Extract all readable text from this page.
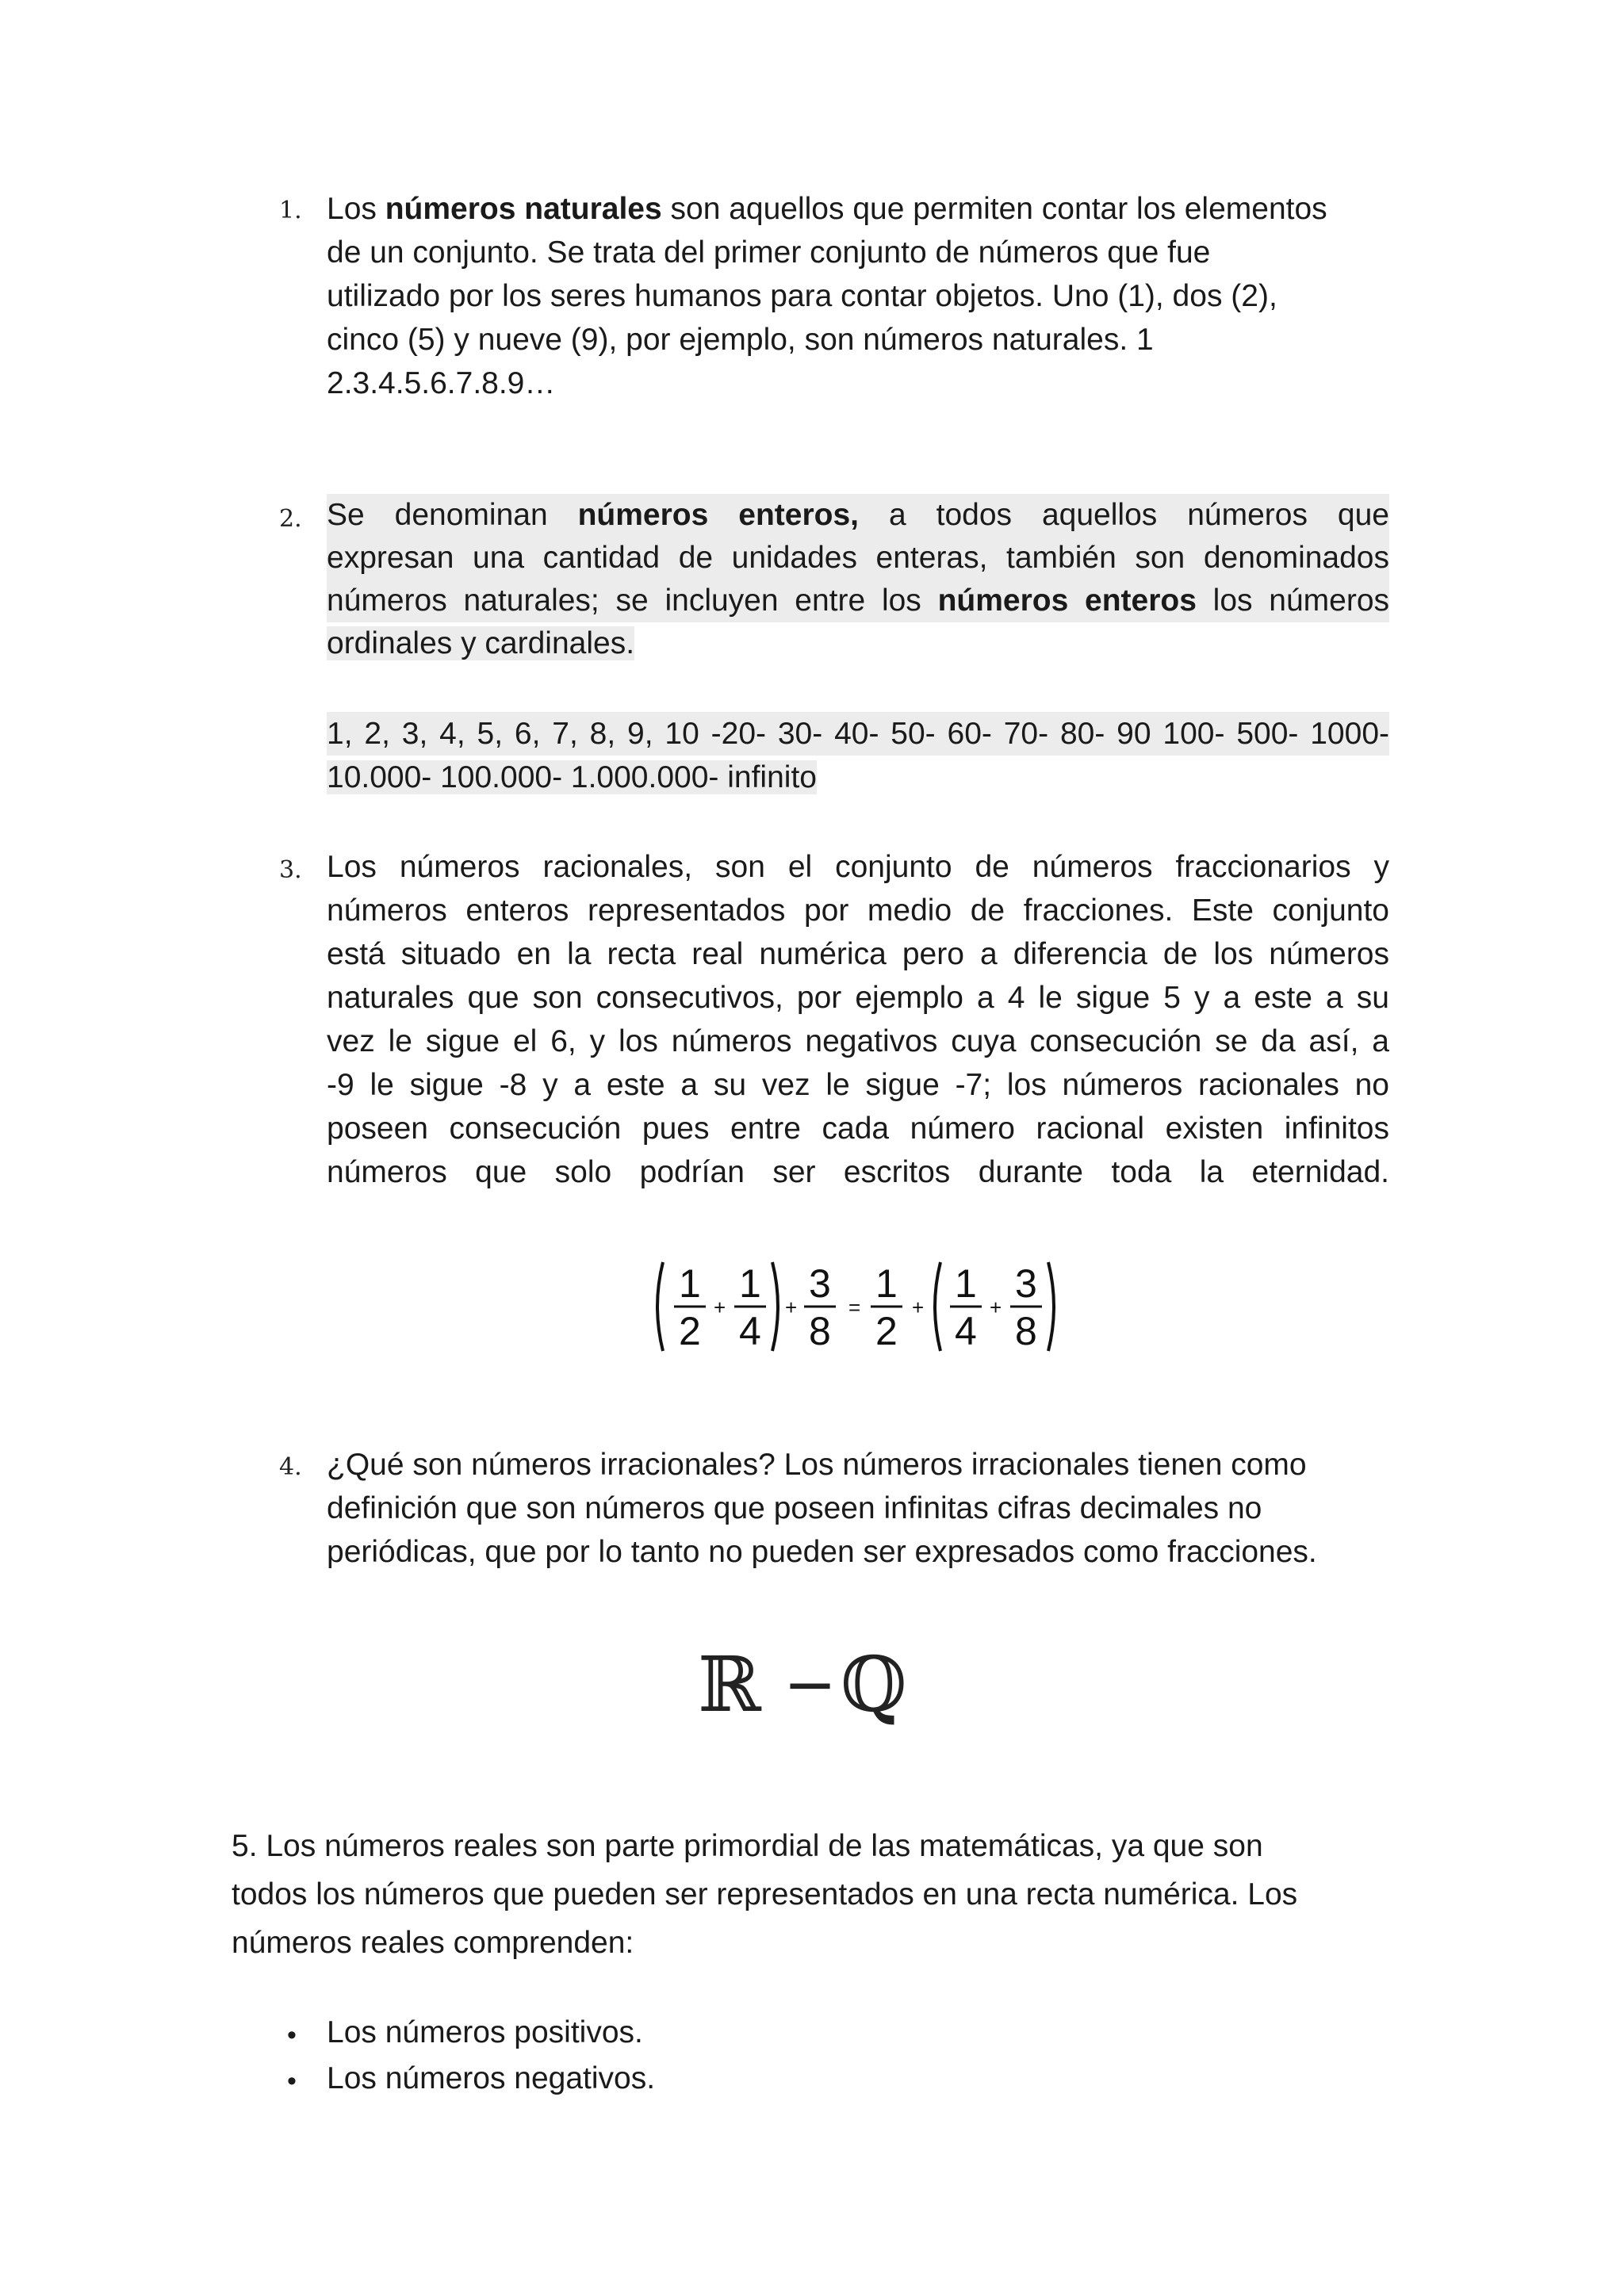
1. Los números naturales son aquellos que permiten contar los elementos
de un conjunto. Se trata del primer conjunto de números que fue
utilizado por los seres humanos para contar objetos. Uno (1), dos (2),
cinco (5) y nueve (9), por ejemplo, son números naturales. 1
2.3.4.5.6.7.8.9…
2. Se denominan números enteros, a todos aquellos números que
expresan una cantidad de unidades enteras, también son denominados
números naturales; se incluyen entre los números enteros los números
ordinales y cardinales.
1, 2, 3, 4, 5, 6, 7, 8, 9, 10 -20- 30- 40- 50- 60- 70- 80- 90 100- 500- 1000-
10.000- 100.000- 1.000.000- infinito
3. Los números racionales, son el conjunto de números fraccionarios y
números enteros representados por medio de fracciones. Este conjunto
está situado en la recta real numérica pero a diferencia de los números
naturales que son consecutivos, por ejemplo a 4 le sigue 5 y a este a su
vez le sigue el 6, y los números negativos cuya consecución se da así, a
-9 le sigue -8 y a este a su vez le sigue -7; los números racionales no
poseen consecución pues entre cada número racional existen infinitos
números que solo podrían ser escritos durante toda la eternidad.
1
2
+
1
4
+
3
8
=
1
2
+
1
4
+
3
8
4. ¿Qué son números irracionales? Los números irracionales tienen como
definición que son números que poseen infinitas cifras decimales no
periódicas, que por lo tanto no pueden ser expresados como fracciones.
ℝ − ℚ
5. Los números reales son parte primordial de las matemáticas, ya que son
todos los números que pueden ser representados en una recta numérica. Los
números reales comprenden:
• Los números positivos.
• Los números negativos.
